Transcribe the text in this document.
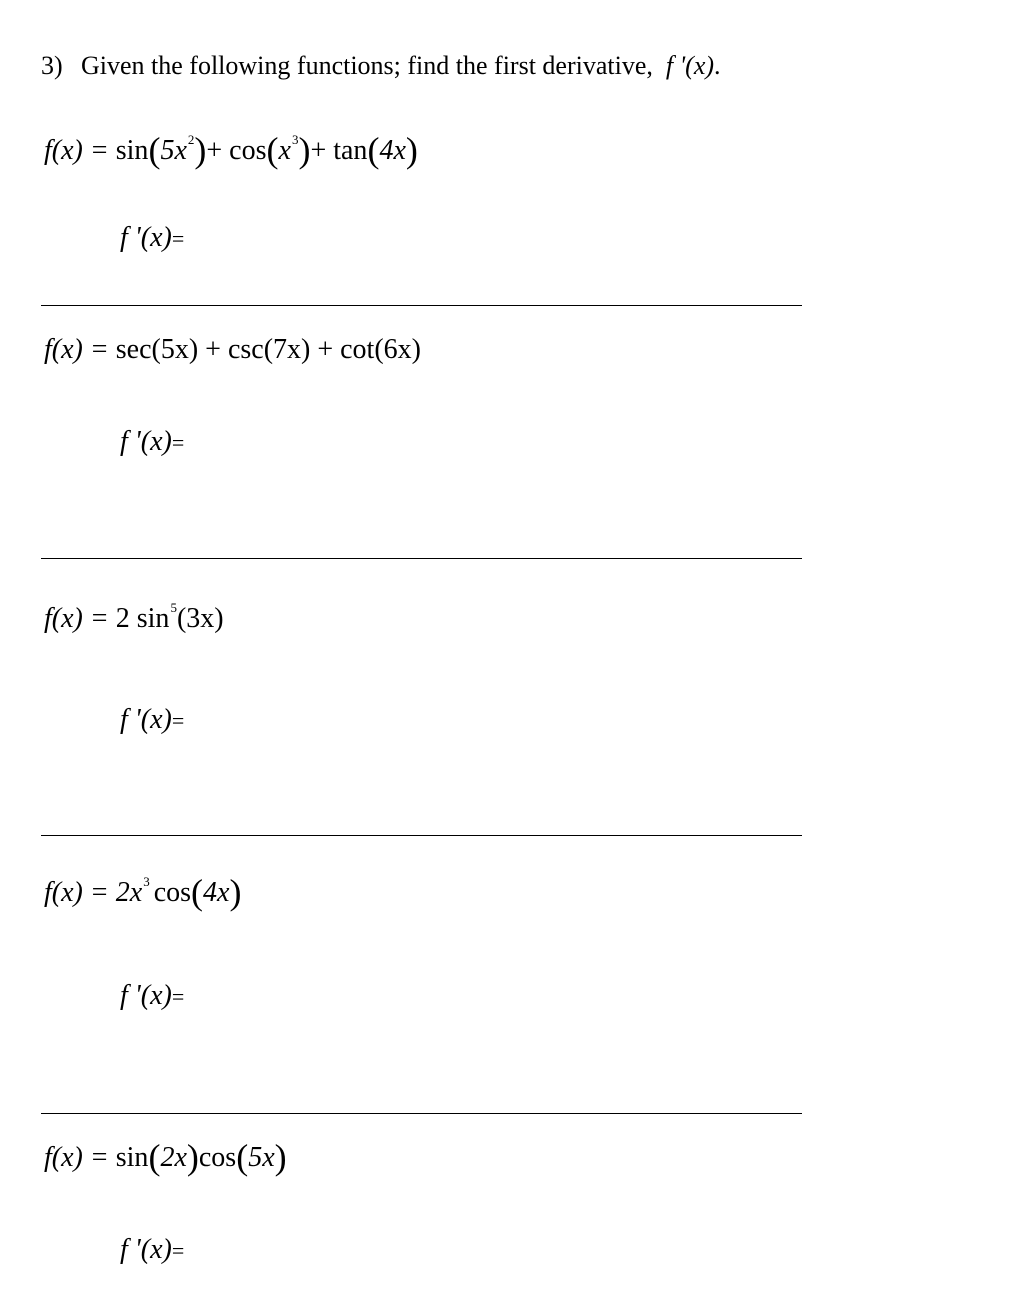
3) Given the following functions; find the first derivative, f '(x).
$f(x) = \sin(5x^2)+ \cos(x^3)+ \tan(4x)$
f '(x)=
f(x) = sec(5x) + csc(7x) + cot(6x)
f '(x)=
f(x) = 2 $\sin^5(3x)$
f '(x)=
$f(x) = 2x^3$ cos(4x)
f '(x)=
f(x) = sin(2x)cos(5x)
f '(x)=
